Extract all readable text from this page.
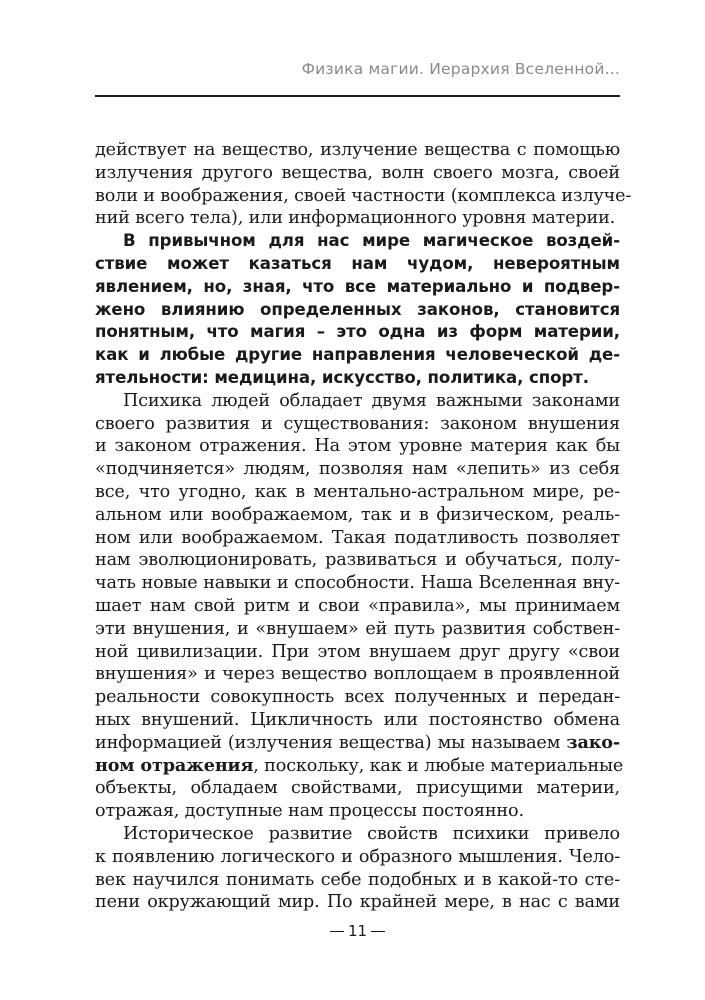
Физика магии. Иерархия Вселенной...
действует на вещество, излучение вещества с помощью
излучения другого вещества, волн своего мозга, своей
воли и воображения, своей частности (комплекса излуче-
ний всего тела), или информационного уровня материи.
В привычном для нас мире магическое воздей-
ствие может казаться нам чудом, невероятным
явлением, но, зная, что все материально и подвер-
жено влиянию определенных законов, становится
понятным, что магия – это одна из форм материи,
как и любые другие направления человеческой де-
ятельности: медицина, искусство, политика, спорт.
Психика людей обладает двумя важными законами
своего развития и существования: законом внушения
и законом отражения. На этом уровне материя как бы
«подчиняется» людям, позволяя нам «лепить» из себя
все, что угодно, как в ментально-астральном мире, ре-
альном или воображаемом, так и в физическом, реаль-
ном или воображаемом. Такая податливость позволяет
нам эволюционировать, развиваться и обучаться, полу-
чать новые навыки и способности. Наша Вселенная вну-
шает нам свой ритм и свои «правила», мы принимаем
эти внушения, и «внушаем» ей путь развития собствен-
ной цивилизации. При этом внушаем друг другу «свои
внушения» и через вещество воплощаем в проявленной
реальности совокупность всех полученных и передан-
ных внушений. Цикличность или постоянство обмена
информацией (излучения вещества) мы называем зако-
ном отражения, поскольку, как и любые материальные
объекты, обладаем свойствами, присущими материи,
отражая, доступные нам процессы постоянно.
Историческое развитие свойств психики привело
к появлению логического и образного мышления. Чело-
век научился понимать себе подобных и в какой-то сте-
пени окружающий мир. По крайней мере, в нас с вами
11
